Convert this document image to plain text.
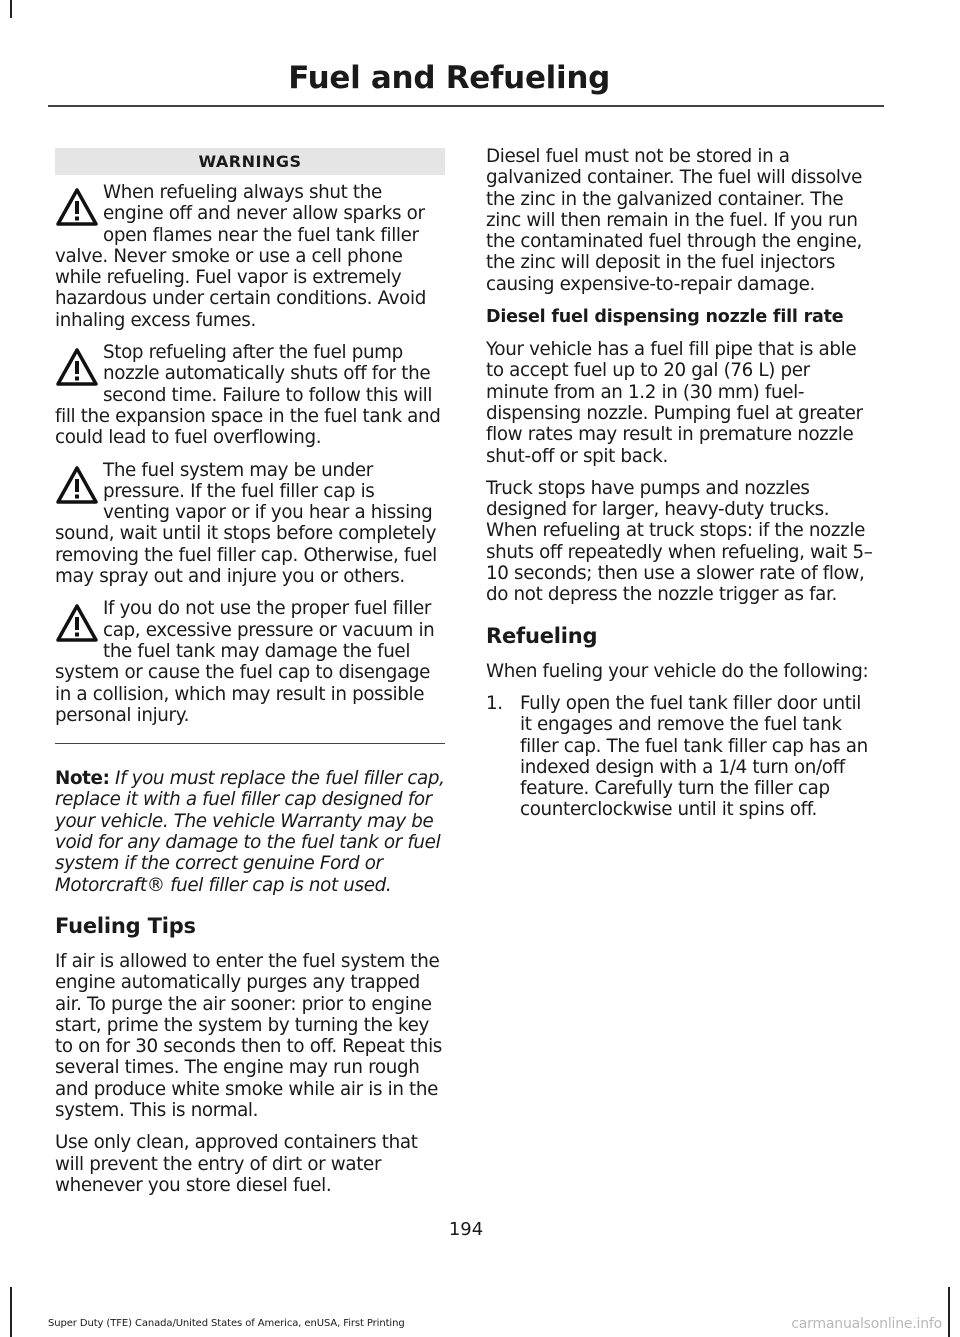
Fuel and Refueling
WARNINGS

When refueling always shut the engine off and never allow sparks or open flames near the fuel tank filler valve. Never smoke or use a cell phone while refueling. Fuel vapor is extremely hazardous under certain conditions. Avoid inhaling excess fumes.

Stop refueling after the fuel pump nozzle automatically shuts off for the second time. Failure to follow this will fill the expansion space in the fuel tank and could lead to fuel overflowing.

The fuel system may be under pressure. If the fuel filler cap is venting vapor or if you hear a hissing sound, wait until it stops before completely removing the fuel filler cap. Otherwise, fuel may spray out and injure you or others.

If you do not use the proper fuel filler cap, excessive pressure or vacuum in the fuel tank may damage the fuel system or cause the fuel cap to disengage in a collision, which may result in possible personal injury.

Note: If you must replace the fuel filler cap, replace it with a fuel filler cap designed for your vehicle. The vehicle Warranty may be void for any damage to the fuel tank or fuel system if the correct genuine Ford or Motorcraft® fuel filler cap is not used.

Fueling Tips

If air is allowed to enter the fuel system the engine automatically purges any trapped air. To purge the air sooner: prior to engine start, prime the system by turning the key to on for 30 seconds then to off. Repeat this several times. The engine may run rough and produce white smoke while air is in the system. This is normal.

Use only clean, approved containers that will prevent the entry of dirt or water whenever you store diesel fuel.

Diesel fuel must not be stored in a galvanized container. The fuel will dissolve the zinc in the galvanized container. The zinc will then remain in the fuel. If you run the contaminated fuel through the engine, the zinc will deposit in the fuel injectors causing expensive-to-repair damage.

Diesel fuel dispensing nozzle fill rate

Your vehicle has a fuel fill pipe that is able to accept fuel up to 20 gal (76 L) per minute from an 1.2 in (30 mm) fuel-dispensing nozzle. Pumping fuel at greater flow rates may result in premature nozzle shut-off or spit back.

Truck stops have pumps and nozzles designed for larger, heavy-duty trucks. When refueling at truck stops: if the nozzle shuts off repeatedly when refueling, wait 5–10 seconds; then use a slower rate of flow, do not depress the nozzle trigger as far.

Refueling

When fueling your vehicle do the following:

1. Fully open the fuel tank filler door until it engages and remove the fuel tank filler cap. The fuel tank filler cap has an indexed design with a 1/4 turn on/off feature. Carefully turn the filler cap counterclockwise until it spins off.
194
Super Duty (TFE) Canada/United States of America, enUSA, First Printing	carmanualsonline.info
